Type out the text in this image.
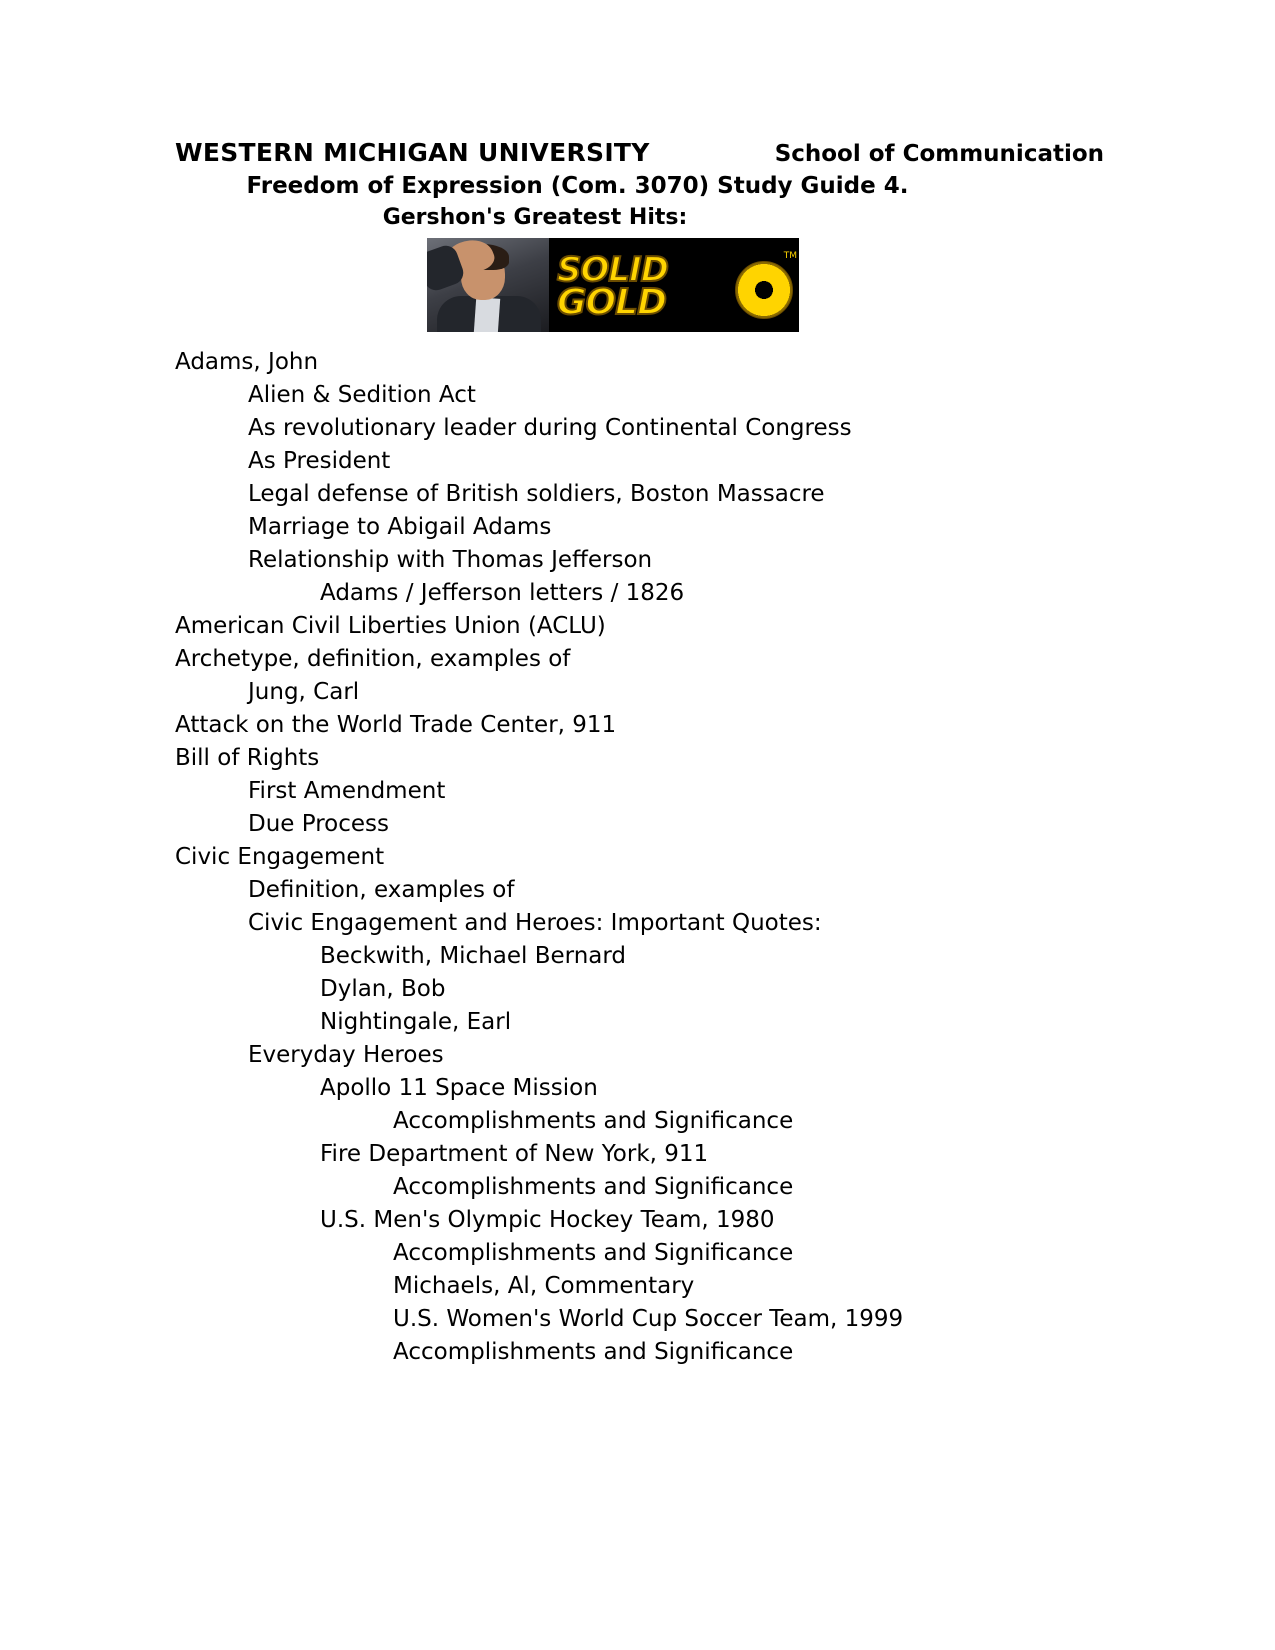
WESTERN MICHIGAN UNIVERSITY	School of Communication
Freedom of Expression (Com. 3070) Study Guide 4.
Gershon's Greatest Hits:
SOLID
GOLD
TM
Adams, John
Alien & Sedition Act
As revolutionary leader during Continental Congress
As President
Legal defense of British soldiers, Boston Massacre
Marriage to Abigail Adams
Relationship with Thomas Jefferson
Adams / Jefferson letters / 1826
American Civil Liberties Union (ACLU)
Archetype, definition, examples of
Jung, Carl
Attack on the World Trade Center, 911
Bill of Rights
First Amendment
Due Process
Civic Engagement
Definition, examples of
Civic Engagement and Heroes: Important Quotes:
Beckwith, Michael Bernard
Dylan, Bob
Nightingale, Earl
Everyday Heroes
Apollo 11 Space Mission
Accomplishments and Significance
Fire Department of New York, 911
Accomplishments and Significance
U.S. Men's Olympic Hockey Team, 1980
Accomplishments and Significance
Michaels, Al, Commentary
U.S. Women's World Cup Soccer Team, 1999
Accomplishments and Significance
